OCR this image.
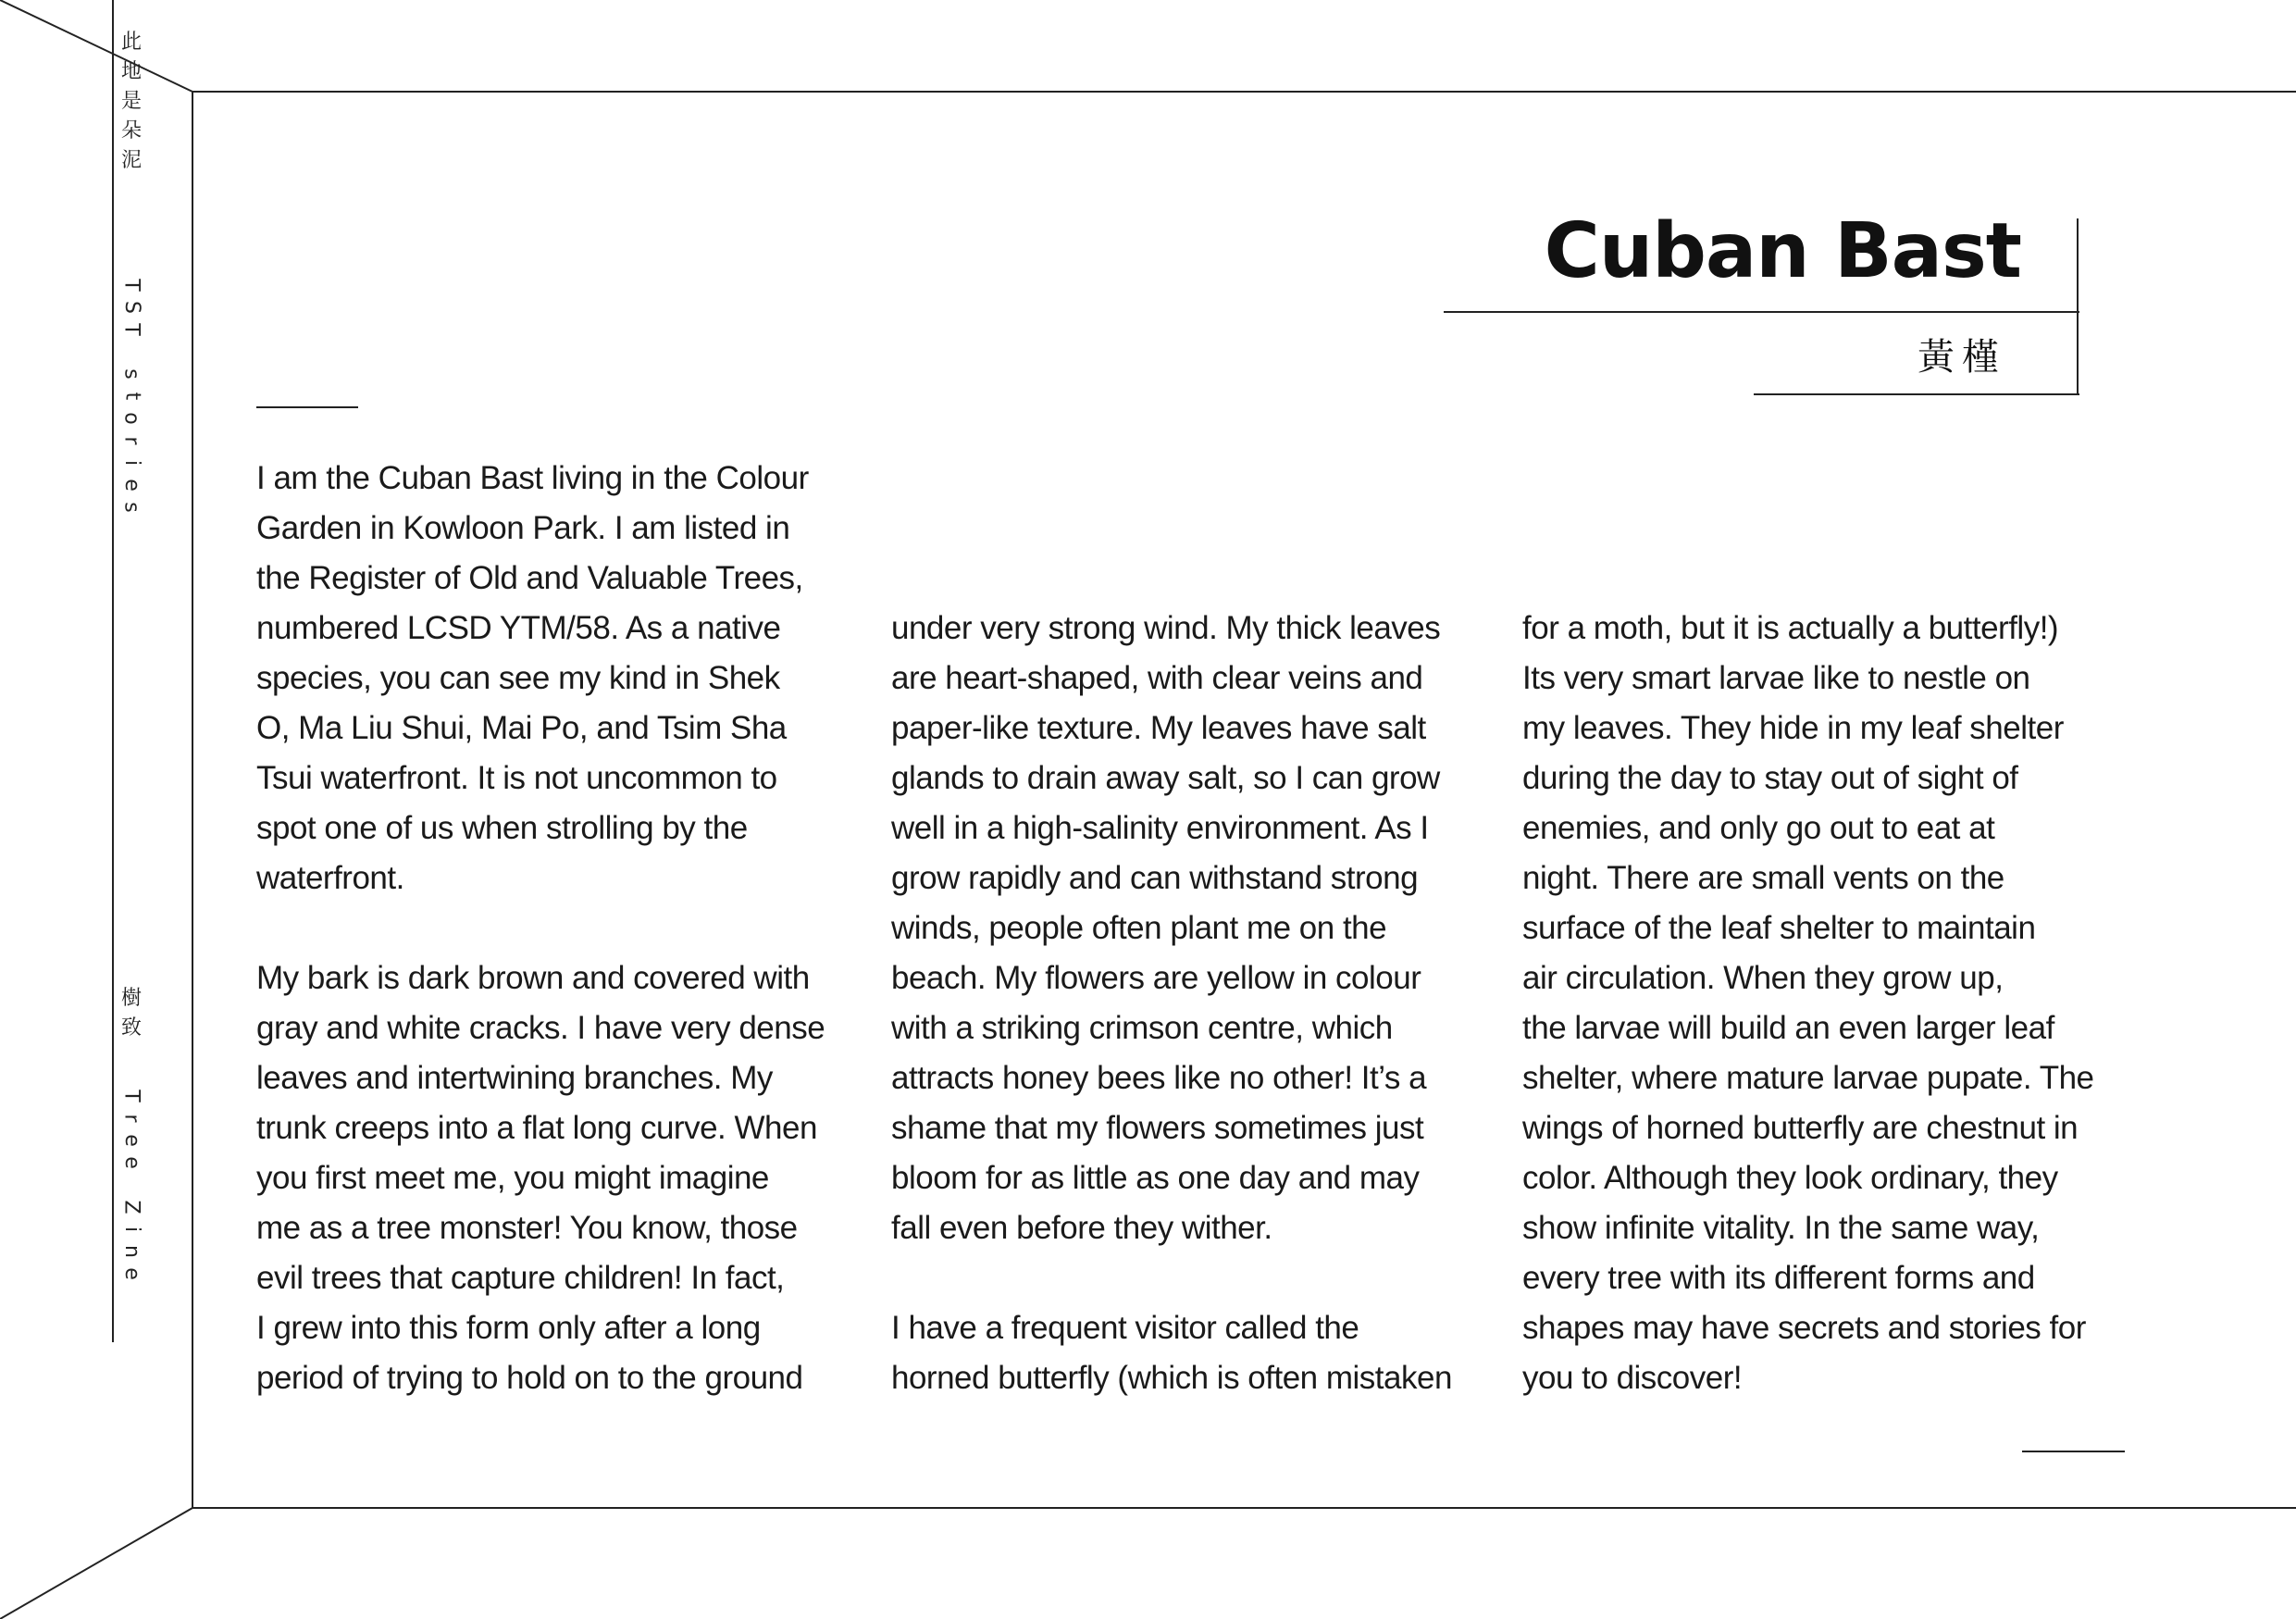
此
地
是
朵
泥
T
S
T
s
t
o
r
i
e
s
樹
致
T
r
e
e
Z
i
n
e
Cuban Bast
黃槿

I am the Cuban Bast living in the Colour

Garden in Kowloon Park. I am listed in

the Register of Old and Valuable Trees,

numbered LCSD YTM/58. As a native

species, you can see my kind in Shek

O, Ma Liu Shui, Mai Po, and Tsim Sha

Tsui waterfront. It is not uncommon to

spot one of us when strolling by the

waterfront.

My bark is dark brown and covered with

gray and white cracks. I have very dense

leaves and intertwining branches. My

trunk creeps into a flat long curve. When

you first meet me, you might imagine

me as a tree monster! You know, those

evil trees that capture children! In fact,

I grew into this form only after a long

period of trying to hold on to the ground

under very strong wind. My thick leaves

are heart-shaped, with clear veins and

paper-like texture. My leaves have salt

glands to drain away salt, so I can grow

well in a high-salinity environment. As I

grow rapidly and can withstand strong

winds, people often plant me on the

beach. My flowers are yellow in colour

with a striking crimson centre, which

attracts honey bees like no other! It’s a

shame that my flowers sometimes just

bloom for as little as one day and may

fall even before they wither.

I have a frequent visitor called the

horned butterfly (which is often mistaken

for a moth, but it is actually a butterfly!)

Its very smart larvae like to nestle on

my leaves. They hide in my leaf shelter

during the day to stay out of sight of

enemies, and only go out to eat at

night. There are small vents on the

surface of the leaf shelter to maintain

air circulation. When they grow up,

the larvae will build an even larger leaf

shelter, where mature larvae pupate. The

wings of horned butterfly are chestnut in

color. Although they look ordinary, they

show infinite vitality. In the same way,

every tree with its different forms and

shapes may have secrets and stories for

you to discover!
